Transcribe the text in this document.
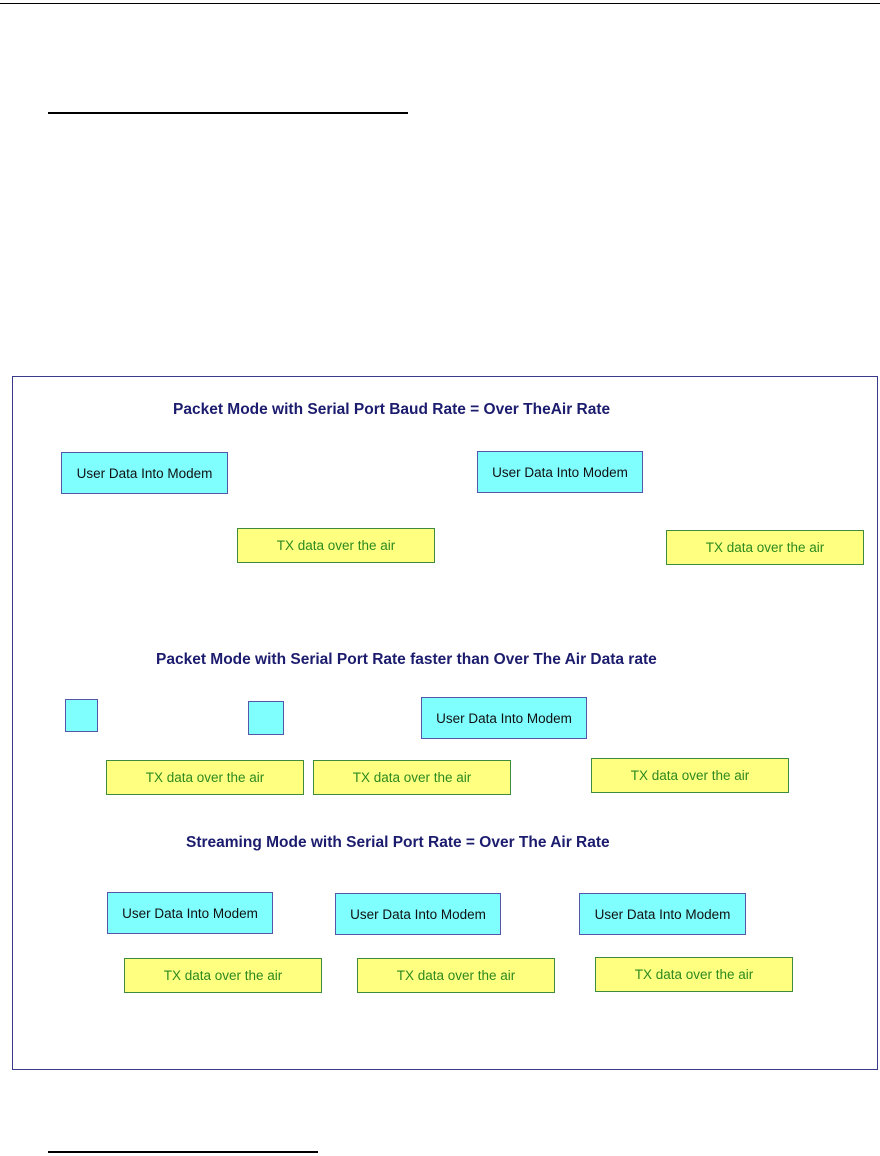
Packet Mode with Serial Port Baud Rate = Over TheAir Rate
User Data Into Modem	User Data Into Modem
TX data over the air	TX data over the air
Packet Mode with Serial Port Rate faster than Over The Air Data rate
User Data Into Modem
TX data over the air	TX data over the air	TX data over the air
Streaming Mode with Serial Port Rate = Over The Air Rate
User Data Into Modem	User Data Into Modem	User Data Into Modem
TX data over the air	TX data over the air	TX data over the air
